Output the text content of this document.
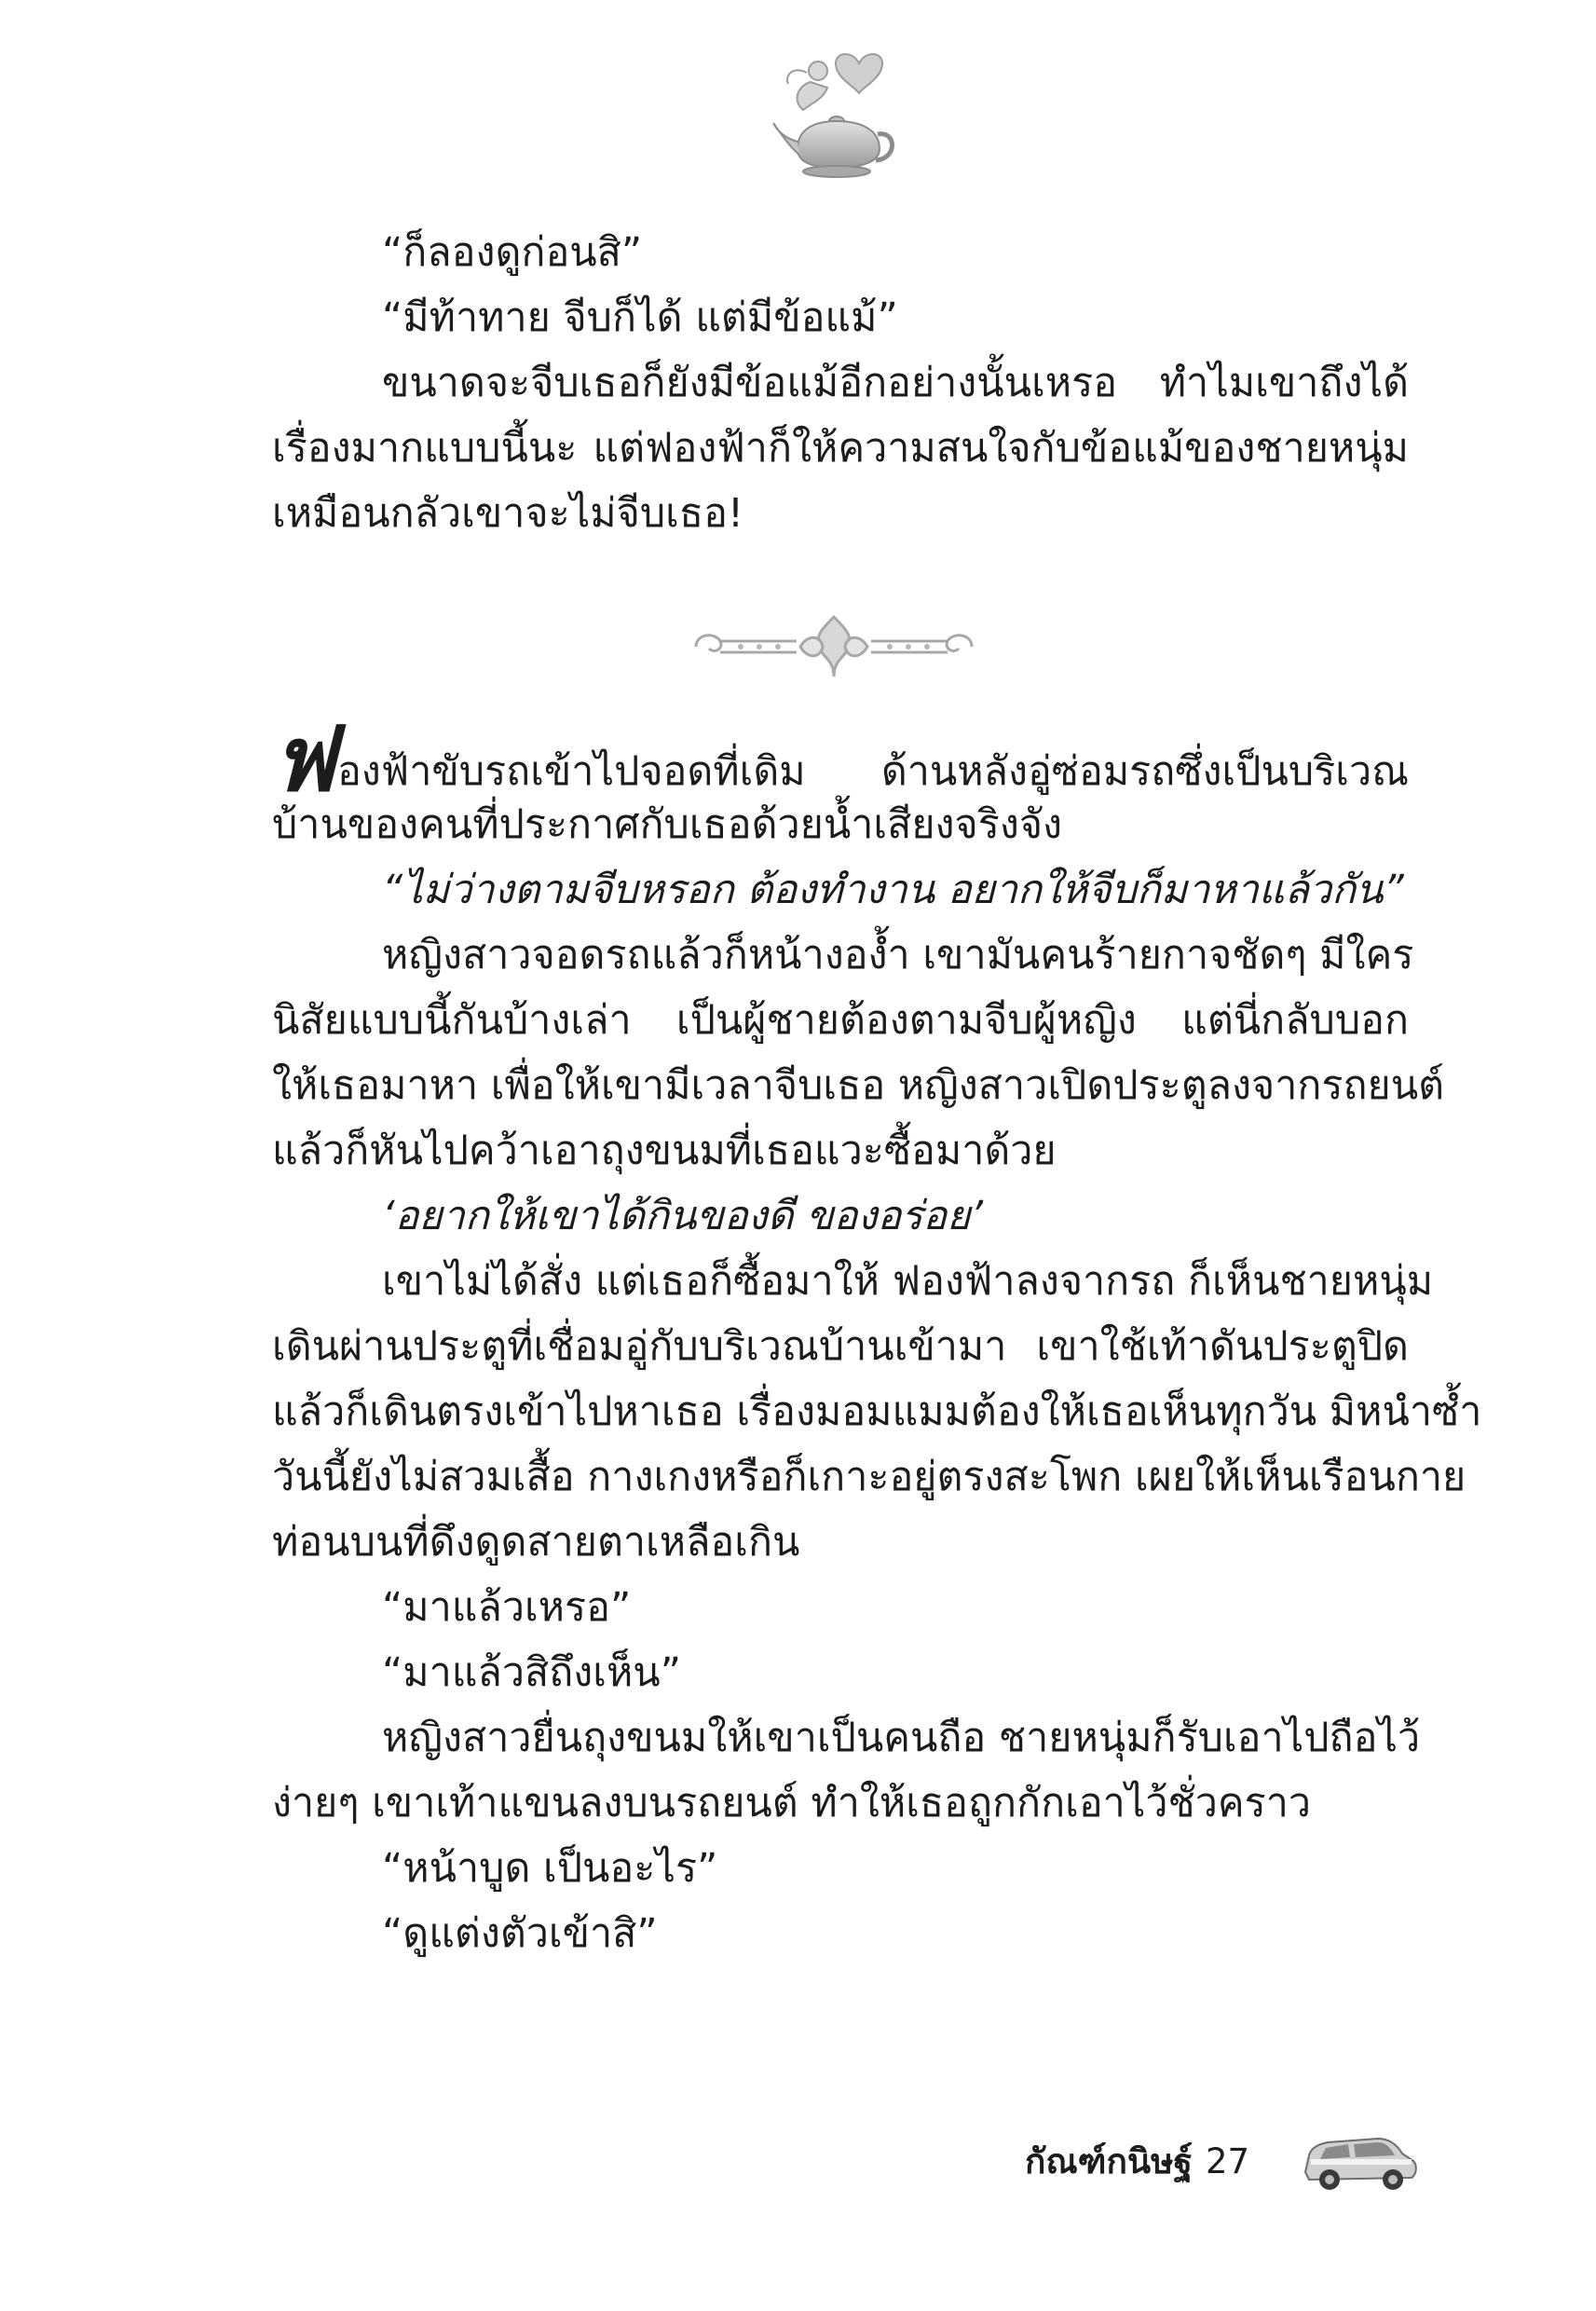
“ก็ลองดูก่อนสิ”
“มีท้าทาย จีบก็ได้ แต่มีข้อแม้”
ขนาดจะจีบเธอก็ยังมีข้อแม้อีกอย่างนั้นเหรอ ทำไมเขาถึงได้
เรื่องมากแบบนี้นะ แต่ฟองฟ้าก็ให้ความสนใจกับข้อแม้ของชายหนุ่ม
เหมือนกลัวเขาจะไม่จีบเธอ!
ฟองฟ้าขับรถเข้าไปจอดที่เดิม ด้านหลังอู่ซ่อมรถซึ่งเป็นบริเวณ
บ้านของคนที่ประกาศกับเธอด้วยน้ำเสียงจริงจัง
“ไม่ว่างตามจีบหรอก ต้องทำงาน อยากให้จีบก็มาหาแล้วกัน”
หญิงสาวจอดรถแล้วก็หน้างอง้ำ เขามันคนร้ายกาจชัดๆ มีใคร
นิสัยแบบนี้กันบ้างเล่า เป็นผู้ชายต้องตามจีบผู้หญิง แต่นี่กลับบอก
ให้เธอมาหา เพื่อให้เขามีเวลาจีบเธอ หญิงสาวเปิดประตูลงจากรถยนต์
แล้วก็หันไปคว้าเอาถุงขนมที่เธอแวะซื้อมาด้วย
‘อยากให้เขาได้กินของดี ของอร่อย’
เขาไม่ได้สั่ง แต่เธอก็ซื้อมาให้ ฟองฟ้าลงจากรถ ก็เห็นชายหนุ่ม
เดินผ่านประตูที่เชื่อมอู่กับบริเวณบ้านเข้ามา เขาใช้เท้าดันประตูปิด
แล้วก็เดินตรงเข้าไปหาเธอ เรื่องมอมแมมต้องให้เธอเห็นทุกวัน มิหนำซ้ำ
วันนี้ยังไม่สวมเสื้อ กางเกงหรือก็เกาะอยู่ตรงสะโพก เผยให้เห็นเรือนกาย
ท่อนบนที่ดึงดูดสายตาเหลือเกิน
“มาแล้วเหรอ”
“มาแล้วสิถึงเห็น”
หญิงสาวยื่นถุงขนมให้เขาเป็นคนถือ ชายหนุ่มก็รับเอาไปถือไว้
ง่ายๆ เขาเท้าแขนลงบนรถยนต์ ทำให้เธอถูกกักเอาไว้ชั่วคราว
“หน้าบูด เป็นอะไร”
“ดูแต่งตัวเข้าสิ”
กัณฑ์กนิษฐ์ 27
